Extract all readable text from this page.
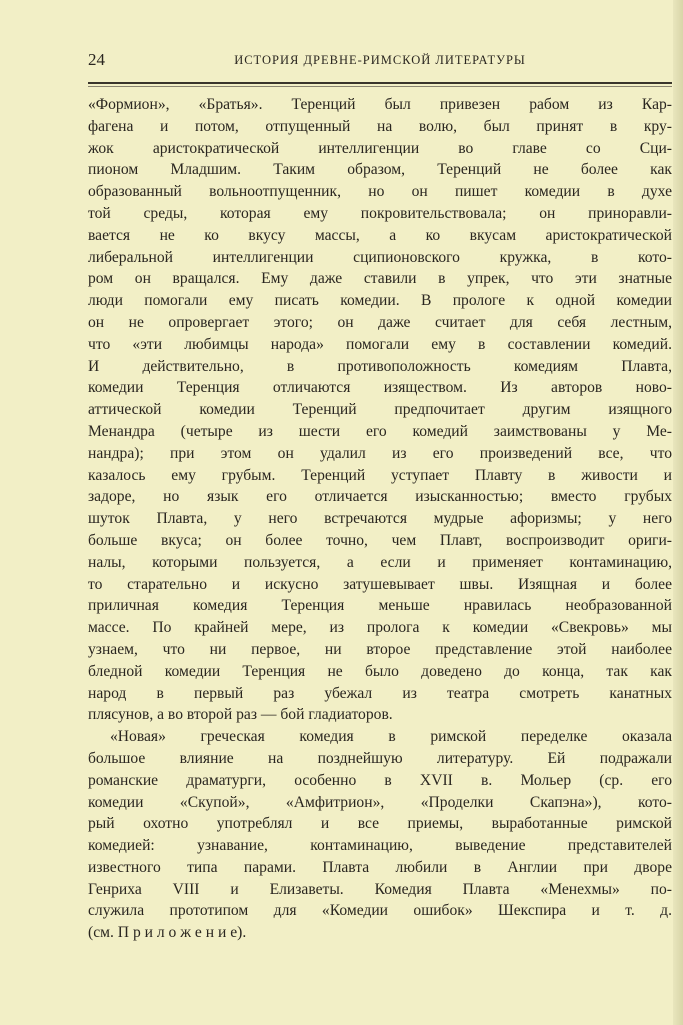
24	ИСТОРИЯ ДРЕВНЕ-РИМСКОЙ ЛИТЕРАТУРЫ
«Формион», «Братья». Теренций был привезен рабом из Кар-
фагена и потом, отпущенный на волю, был принят в кру-
жок аристократической интеллигенции во главе со Сци-
пионом Младшим. Таким образом, Теренций не более как
образованный вольноотпущенник, но он пишет комедии в духе
той среды, которая ему покровительствовала; он приноравли-
вается не ко вкусу массы, а ко вкусам аристократической
либеральной интеллигенции сципионовского кружка, в кото-
ром он вращался. Ему даже ставили в упрек, что эти знатные
люди помогали ему писать комедии. В прологе к одной комедии
он не опровергает этого; он даже считает для себя лестным,
что «эти любимцы народа» помогали ему в составлении комедий.
И действительно, в противоположность комедиям Плавта,
комедии Теренция отличаются изяществом. Из авторов ново-
аттической комедии Теренций предпочитает другим изящного
Менандра (четыре из шести его комедий заимствованы у Ме-
нандра); при этом он удалил из его произведений все, что
казалось ему грубым. Теренций уступает Плавту в живости и
задоре, но язык его отличается изысканностью; вместо грубых
шуток Плавта, у него встречаются мудрые афоризмы; у него
больше вкуса; он более точно, чем Плавт, воспроизводит ориги-
налы, которыми пользуется, а если и применяет контаминацию,
то старательно и искусно затушевывает швы. Изящная и более
приличная комедия Теренция меньше нравилась необразованной
массе. По крайней мере, из пролога к комедии «Свекровь» мы
узнаем, что ни первое, ни второе представление этой наиболее
бледной комедии Теренция не было доведено до конца, так как
народ в первый раз убежал из театра смотреть канатных
плясунов, а во второй раз — бой гладиаторов.
«Новая» греческая комедия в римской переделке оказала
большое влияние на позднейшую литературу. Ей подражали
романские драматурги, особенно в XVII в. Мольер (ср. его
комедии «Скупой», «Амфитрион», «Проделки Скапэна»), кото-
рый охотно употреблял и все приемы, выработанные римской
комедией: узнавание, контаминацию, выведение представителей
известного типа парами. Плавта любили в Англии при дворе
Генриха VIII и Елизаветы. Комедия Плавта «Менехмы» по-
служила прототипом для «Комедии ошибок» Шекспира и т. д.
(см. П р и л о ж е н и е).
